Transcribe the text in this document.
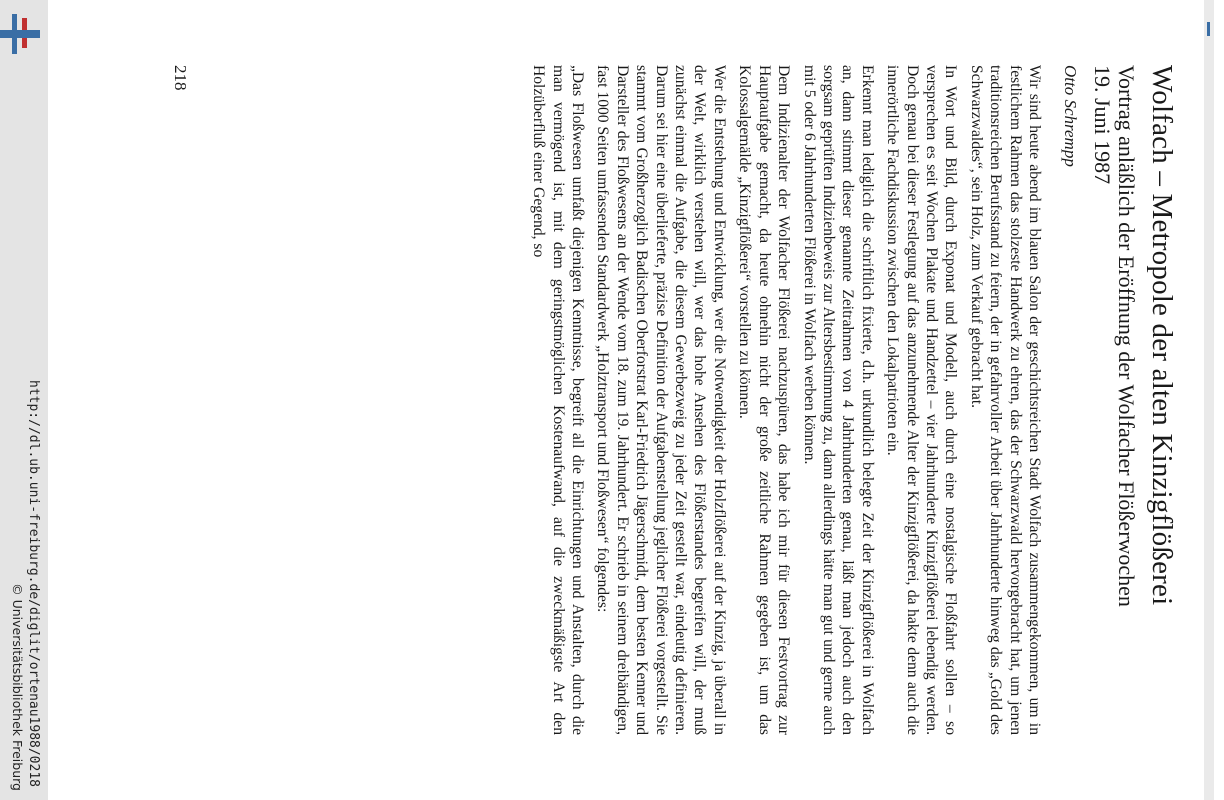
http://dl.ub.uni-freiburg.de/diglit/ortenau1988/0218
© Universitätsbibliothek Freiburg
Wolfach – Metropole der alten Kinzigflößerei
Vortrag anläßlich der Eröffnung der Wolfacher Flößerwochen
19. Juni 1987
Otto Schrempp

Wir sind heute abend im blauen Salon der geschichtsreichen Stadt Wolfach zusammengekommen, um in festlichem Rahmen das stolzeste Handwerk zu ehren, das der Schwarzwald hervorgebracht hat, um jenen traditionsreichen Berufsstand zu feiern, der in gefahrvoller Arbeit über Jahrhunderte hinweg das „Gold des Schwarzwaldes“, sein Holz, zum Verkauf gebracht hat.

In Wort und Bild, durch Exponat und Modell, auch durch eine nostalgische Floßfahrt sollen – so versprechen es seit Wochen Plakate und Handzettel – vier Jahrhunderte Kinzigflößerei lebendig werden. Doch genau bei dieser Festlegung auf das anzunehmende Alter der Kinzigflößerei, da hakte denn auch die innerörtliche Fachdiskussion zwischen den Lokalpatrioten ein.

Erkennt man lediglich die schriftlich fixierte, d.h. urkundlich belegte Zeit der Kinzigflößerei in Wolfach an, dann stimmt dieser genannte Zeitrahmen von 4 Jahrhunderten genau, läßt man jedoch auch den sorgsam geprüften Indizienbeweis zur Altersbestimmung zu, dann allerdings hätte man gut und gerne auch mit 5 oder 6 Jahrhunderten Flößerei in Wolfach werben können.

Dem Indizienalter der Wolfacher Flößerei nachzuspüren, das habe ich mir für diesen Festvortrag zur Hauptaufgabe gemacht, da heute ohnehin nicht der große zeitliche Rahmen gegeben ist, um das Kolossalgemälde „Kinzigflößerei“ vorstellen zu können.

Wer die Entstehung und Entwicklung, wer die Notwendigkeit der Holzflößerei auf der Kinzig, ja überall in der Welt, wirklich verstehen will, wer das hohe Ansehen des Flößerstandes begreifen will, der muß zunächst einmal die Aufgabe, die diesem Gewerbezweig zu jeder Zeit gestellt war, eindeutig definieren. Darum sei hier eine überlieferte, präzise Definition der Aufgabenstellung jeglicher Flößerei vorgestellt. Sie stammt vom Großherzoglich Badischen Oberforstrat Karl-Friedrich Jägerschmidt, dem besten Kenner und Darsteller des Floßwesens an der Wende vom 18. zum 19. Jahrhundert. Er schrieb in seinem dreibändigen, fast 1000 Seiten umfassenden Standardwerk „Holztransport und Floßwesen“ folgendes:

„Das Floßwesen umfaßt diejenigen Kenntnisse, begreift all die Einrichtungen und Anstalten, durch die man vermögend ist, mit dem geringstmöglichen Kostenaufwand, auf die zweckmäßigste Art den Holzüberfluß einer Gegend, so

218
